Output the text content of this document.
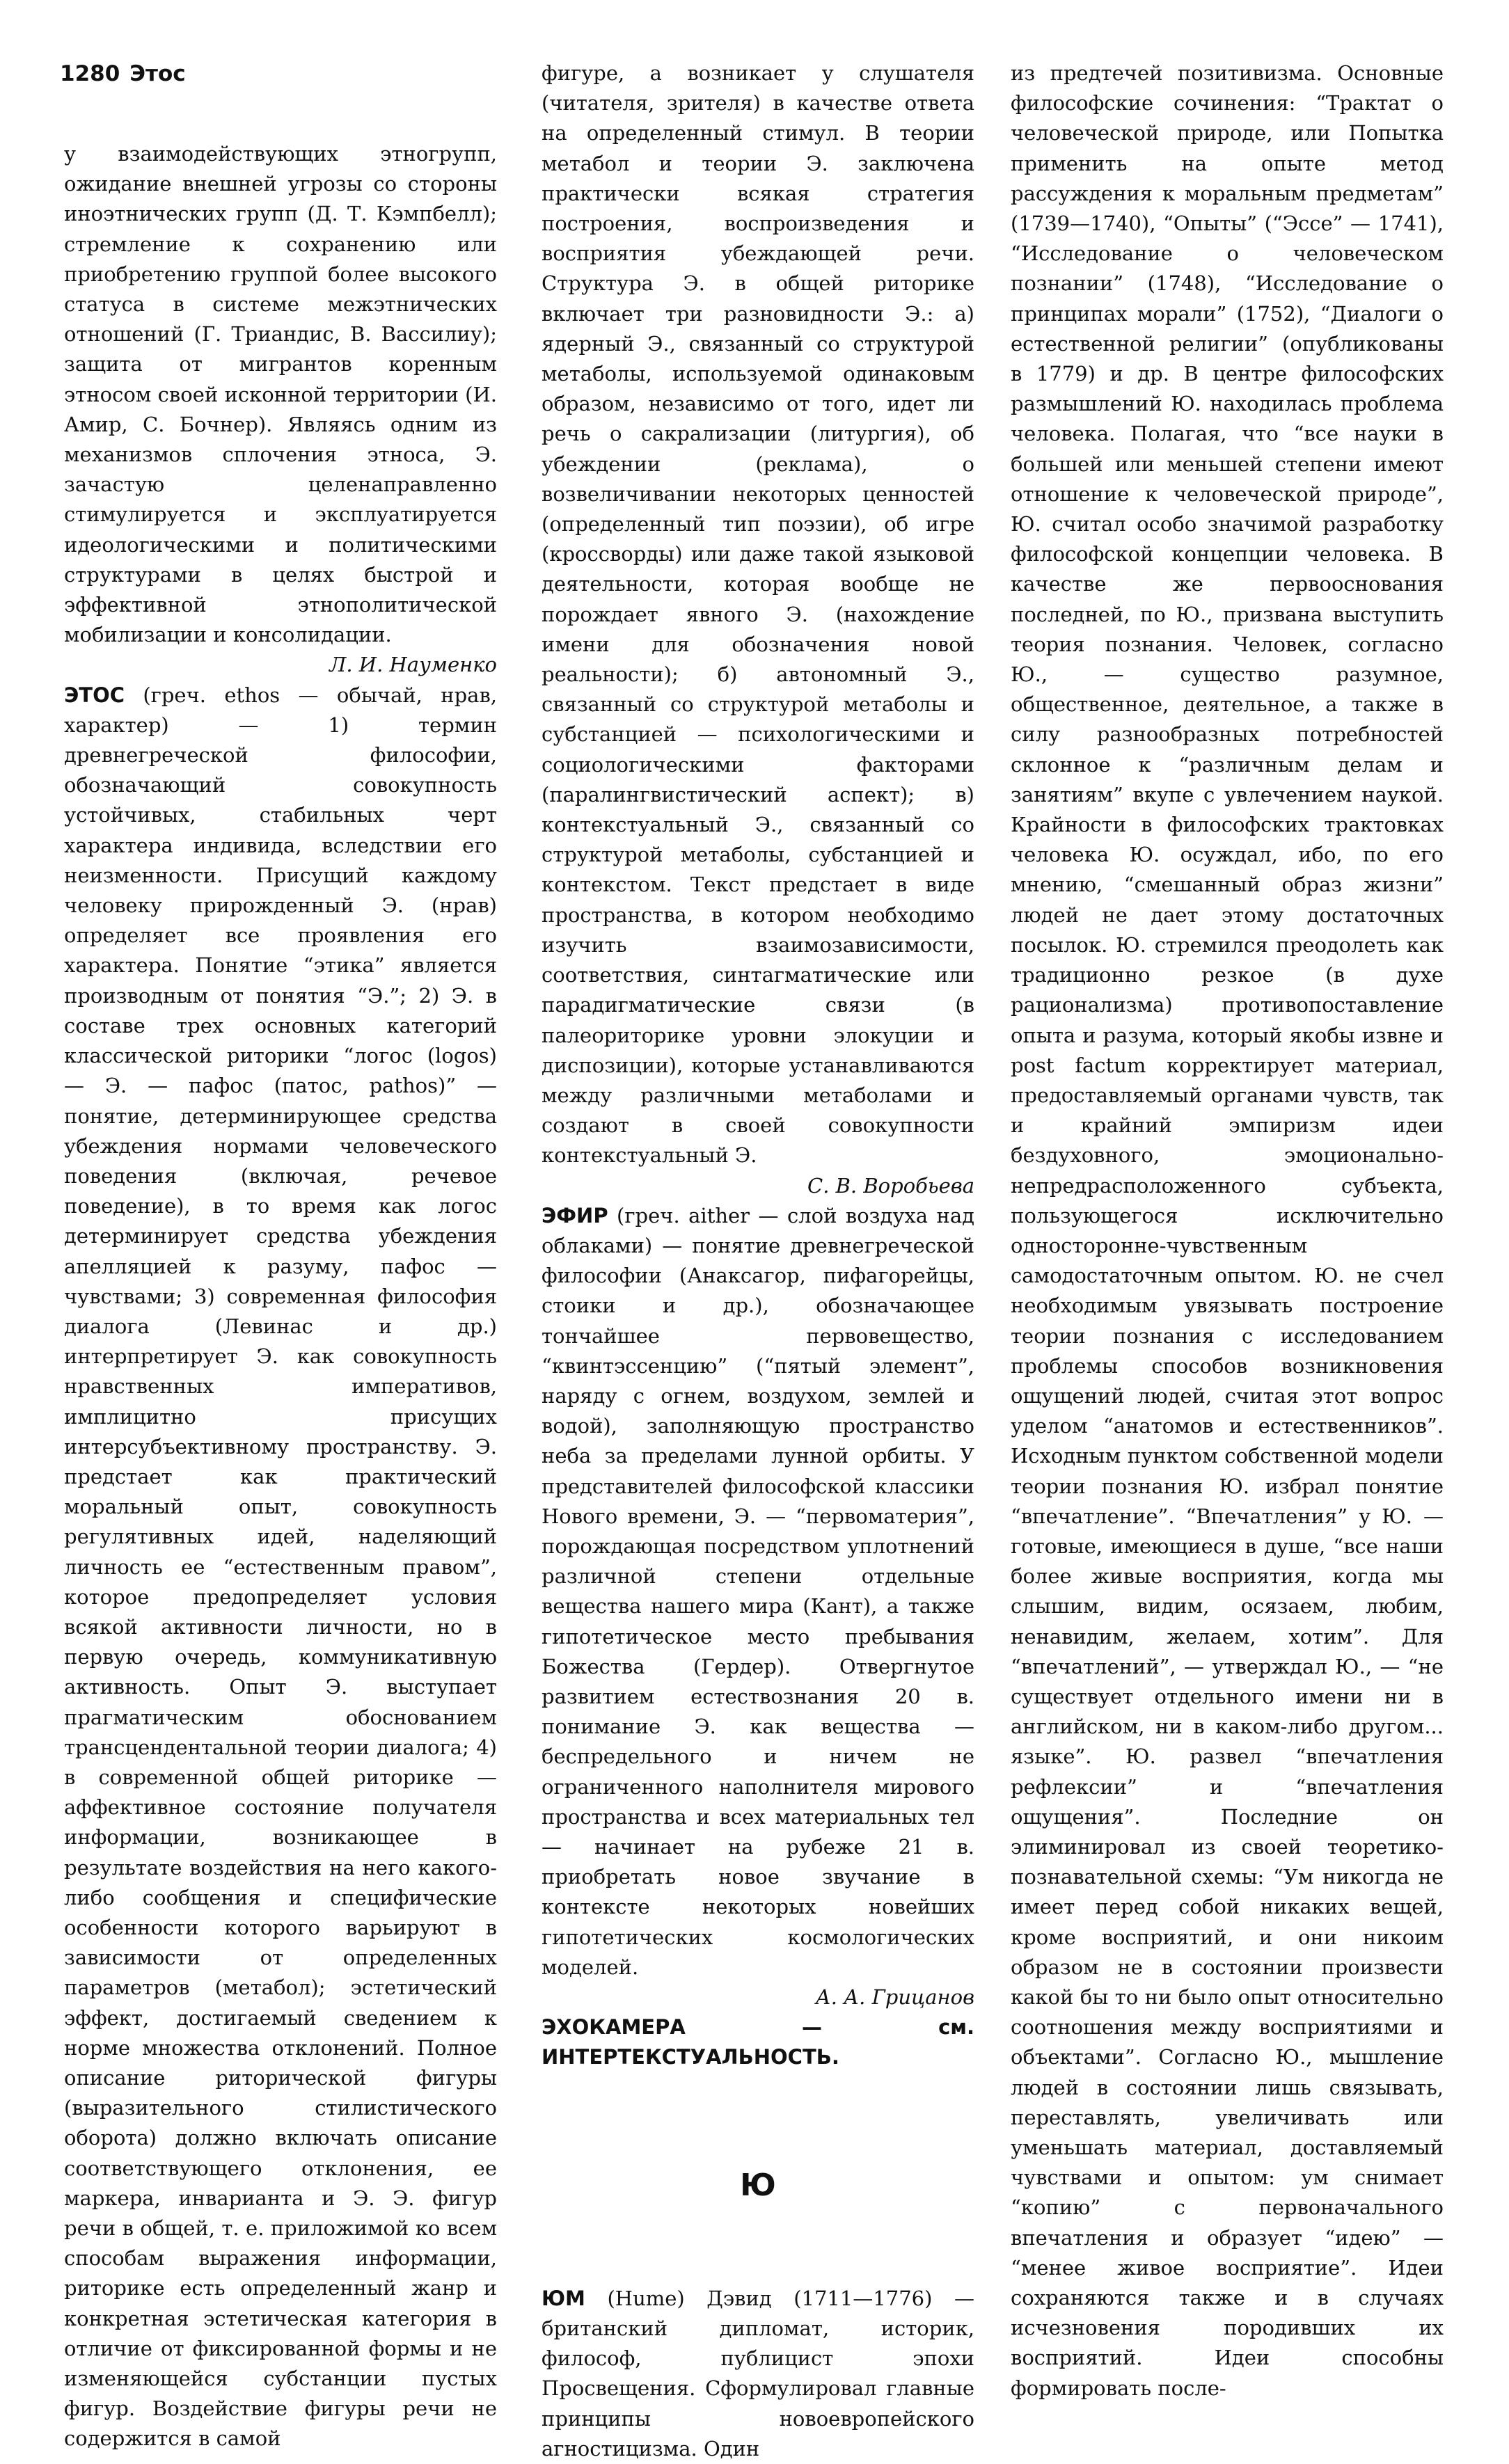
1280 Этос

у взаимодействующих этногрупп, ожидание внешней угрозы со стороны иноэтнических групп (Д. Т. Кэмпбелл); стремление к сохранению или приобретению группой более высокого статуса в системе межэтнических отношений (Г. Триандис, В. Вассилиу); защита от мигрантов коренным этносом своей исконной территории (И. Амир, С. Бочнер). Являясь одним из механизмов сплочения этноса, Э. зачастую целенаправленно стимулируется и эксплуатируется идеологическими и политическими структурами в целях быстрой и эффективной этнополитической мобилизации и консолидации.

Л. И. Науменко

ЭТОС (греч. ethos — обычай, нрав, характер) — 1) термин древнегреческой философии, обозначающий совокупность устойчивых, стабильных черт характера индивида, вследствии его неизменности. Присущий каждому человеку прирожденный Э. (нрав) определяет все проявления его характера. Понятие “этика” является производным от понятия “Э.”; 2) Э. в составе трех основных категорий классической риторики “логос (logos) — Э. — пафос (патос, pathos)” — понятие, детерминирующее средства убеждения нормами человеческого поведения (включая, речевое поведение), в то время как логос детерминирует средства убеждения апелляцией к разуму, пафос — чувствами; 3) современная философия диалога (Левинас и др.) интерпретирует Э. как совокупность нравственных императивов, имплицитно присущих интерсубъективному пространству. Э. предстает как практический моральный опыт, совокупность регулятивных идей, наделяющий личность ее “естественным правом”, которое предопределяет условия всякой активности личности, но в первую очередь, коммуникативную активность. Опыт Э. выступает прагматическим обоснованием трансцендентальной теории диалога; 4) в современной общей риторике — аффективное состояние получателя информации, возникающее в результате воздействия на него какого-либо сообщения и специфические особенности которого варьируют в зависимости от определенных параметров (метабол); эстетический эффект, достигаемый сведением к норме множества отклонений. Полное описание риторической фигуры (выразительного стилистического оборота) должно включать описание соответствующего отклонения, ее маркера, инварианта и Э. Э. фигур речи в общей, т. е. приложимой ко всем способам выражения информации, риторике есть определенный жанр и конкретная эстетическая категория в отличие от фиксированной формы и не изменяющейся субстанции пустых фигур. Воздействие фигуры речи не содержится в самой

фигуре, а возникает у слушателя (читателя, зрителя) в качестве ответа на определенный стимул. В теории метабол и теории Э. заключена практически всякая стратегия построения, воспроизведения и восприятия убеждающей речи. Структура Э. в общей риторике включает три разновидности Э.: а) ядерный Э., связанный со структурой метаболы, используемой одинаковым образом, независимо от того, идет ли речь о сакрализации (литургия), об убеждении (реклама), о возвеличивании некоторых ценностей (определенный тип поэзии), об игре (кроссворды) или даже такой языковой деятельности, которая вообще не порождает явного Э. (нахождение имени для обозначения новой реальности); б) автономный Э., связанный со структурой метаболы и субстанцией — психологическими и социологическими факторами (паралингвистический аспект); в) контекстуальный Э., связанный со структурой метаболы, субстанцией и контекстом. Текст предстает в виде пространства, в котором необходимо изучить взаимозависимости, соответствия, синтагматические или парадигматические связи (в палеориторике уровни элокуции и диспозиции), которые устанавливаются между различными метаболами и создают в своей совокупности контекстуальный Э.

С. В. Воробьева

ЭФИР (греч. aither — слой воздуха над облаками) — понятие древнегреческой философии (Анаксагор, пифагорейцы, стоики и др.), обозначающее тончайшее первовещество, “квинтэссенцию” (“пятый элемент”, наряду с огнем, воздухом, землей и водой), заполняющую пространство неба за пределами лунной орбиты. У представителей философской классики Нового времени, Э. — “первоматерия”, порождающая посредством уплотнений различной степени отдельные вещества нашего мира (Кант), а также гипотетическое место пребывания Божества (Гердер). Отвергнутое развитием естествознания 20 в. понимание Э. как вещества — беспредельного и ничем не ограниченного наполнителя мирового пространства и всех материальных тел — начинает на рубеже 21 в. приобретать новое звучание в контексте некоторых новейших гипотетических космологических моделей.

А. А. Грицанов

ЭХОКАМЕРА — см. ИНТЕРТЕКСТУАЛЬНОСТЬ.

Ю

ЮМ (Hume) Дэвид (1711—1776) — британский дипломат, историк, философ, публицист эпохи Просвещения. Сформулировал главные принципы новоевропейского агностицизма. Один

из предтечей позитивизма. Основные философские сочинения: “Трактат о человеческой природе, или Попытка применить на опыте метод рассуждения к моральным предметам” (1739—1740), “Опыты” (“Эссе” — 1741), “Исследование о человеческом познании” (1748), “Исследование о принципах морали” (1752), “Диалоги о естественной религии” (опубликованы в 1779) и др. В центре философских размышлений Ю. находилась проблема человека. Полагая, что “все науки в большей или меньшей степени имеют отношение к человеческой природе”, Ю. считал особо значимой разработку философской концепции человека. В качестве же первооснования последней, по Ю., призвана выступить теория познания. Человек, согласно Ю., — существо разумное, общественное, деятельное, а также в силу разнообразных потребностей склонное к “различным делам и занятиям” вкупе с увлечением наукой. Крайности в философских трактовках человека Ю. осуждал, ибо, по его мнению, “смешанный образ жизни” людей не дает этому достаточных посылок. Ю. стремился преодолеть как традиционно резкое (в духе рационализма) противопоставление опыта и разума, который якобы извне и post factum корректирует материал, предоставляемый органами чувств, так и крайний эмпиризм идеи бездуховного, эмоционально-непредрасположенного субъекта, пользующегося исключительно односторонне-чувственным самодостаточным опытом. Ю. не счел необходимым увязывать построение теории познания с исследованием проблемы способов возникновения ощущений людей, считая этот вопрос уделом “анатомов и естественников”. Исходным пунктом собственной модели теории познания Ю. избрал понятие “впечатление”. “Впечатления” у Ю. — готовые, имеющиеся в душе, “все наши более живые восприятия, когда мы слышим, видим, осязаем, любим, ненавидим, желаем, хотим”. Для “впечатлений”, — утверждал Ю., — “не существует отдельного имени ни в английском, ни в каком-либо другом... языке”. Ю. развел “впечатления рефлексии” и “впечатления ощущения”. Последние он элиминировал из своей теоретико-познавательной схемы: “Ум никогда не имеет перед собой никаких вещей, кроме восприятий, и они никоим образом не в состоянии произвести какой бы то ни было опыт относительно соотношения между восприятиями и объектами”. Согласно Ю., мышление людей в состоянии лишь связывать, переставлять, увеличивать или уменьшать материал, доставляемый чувствами и опытом: ум снимает “копию” с первоначального впечатления и образует “идею” — “менее живое восприятие”. Идеи сохраняются также и в случаях исчезновения породивших их восприятий. Идеи способны формировать после-
